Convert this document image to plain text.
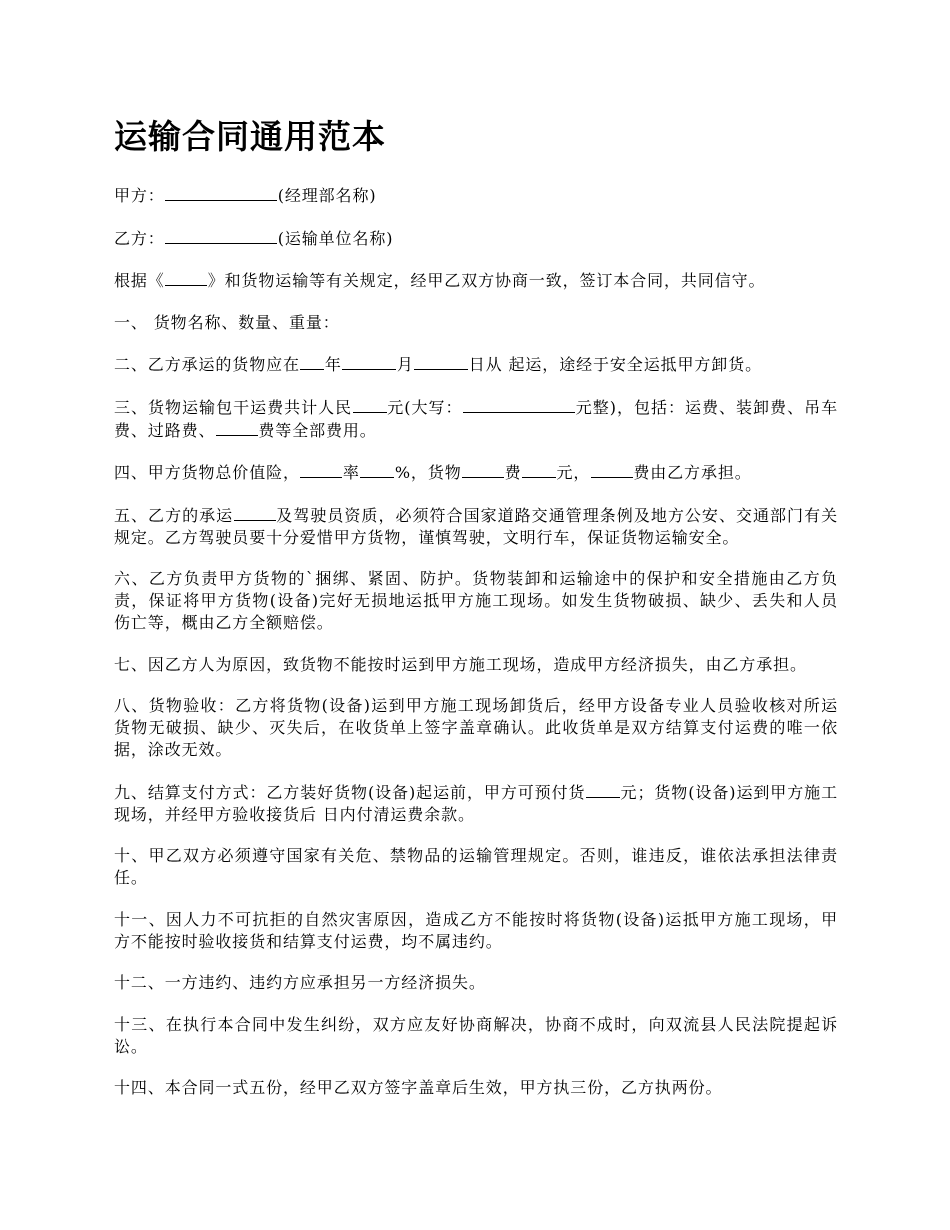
运输合同通用范本

甲方：	(经理部名称)

乙方：	(运输单位名称)

根据《	》和货物运输等有关规定，经甲乙双方协商一致，签订本合同，共同信守。

一、 货物名称、数量、重量：

二、乙方承运的货物应在 年	月	日从 起运，途经于安全运抵甲方卸货。

三、货物运输包干运费共计人民 元(大写：	元整)，包括：运费、装卸费、吊车费、过路费、	费等全部费用。

四、甲方货物总价值险，	率 %，货物	费 元，	费由乙方承担。

五、乙方的承运	及驾驶员资质，必须符合国家道路交通管理条例及地方公安、交通部门有关规定。乙方驾驶员要十分爱惜甲方货物，谨慎驾驶，文明行车，保证货物运输安全。

六、乙方负责甲方货物的`捆绑、紧固、防护。货物装卸和运输途中的保护和安全措施由乙方负责，保证将甲方货物(设备)完好无损地运抵甲方施工现场。如发生货物破损、缺少、丢失和人员伤亡等，概由乙方全额赔偿。

七、因乙方人为原因，致货物不能按时运到甲方施工现场，造成甲方经济损失，由乙方承担。

八、货物验收：乙方将货物(设备)运到甲方施工现场卸货后，经甲方设备专业人员验收核对所运货物无破损、缺少、灭失后，在收货单上签字盖章确认。此收货单是双方结算支付运费的唯一依据，涂改无效。

九、结算支付方式：乙方装好货物(设备)起运前，甲方可预付货 元；货物(设备)运到甲方施工现场，并经甲方验收接货后 日内付清运费余款。

十、甲乙双方必须遵守国家有关危、禁物品的运输管理规定。否则，谁违反，谁依法承担法律责任。

十一、因人力不可抗拒的自然灾害原因，造成乙方不能按时将货物(设备)运抵甲方施工现场，甲方不能按时验收接货和结算支付运费，均不属违约。

十二、一方违约、违约方应承担另一方经济损失。

十三、在执行本合同中发生纠纷，双方应友好协商解决，协商不成时，向双流县人民法院提起诉讼。

十四、本合同一式五份，经甲乙双方签字盖章后生效，甲方执三份，乙方执两份。
